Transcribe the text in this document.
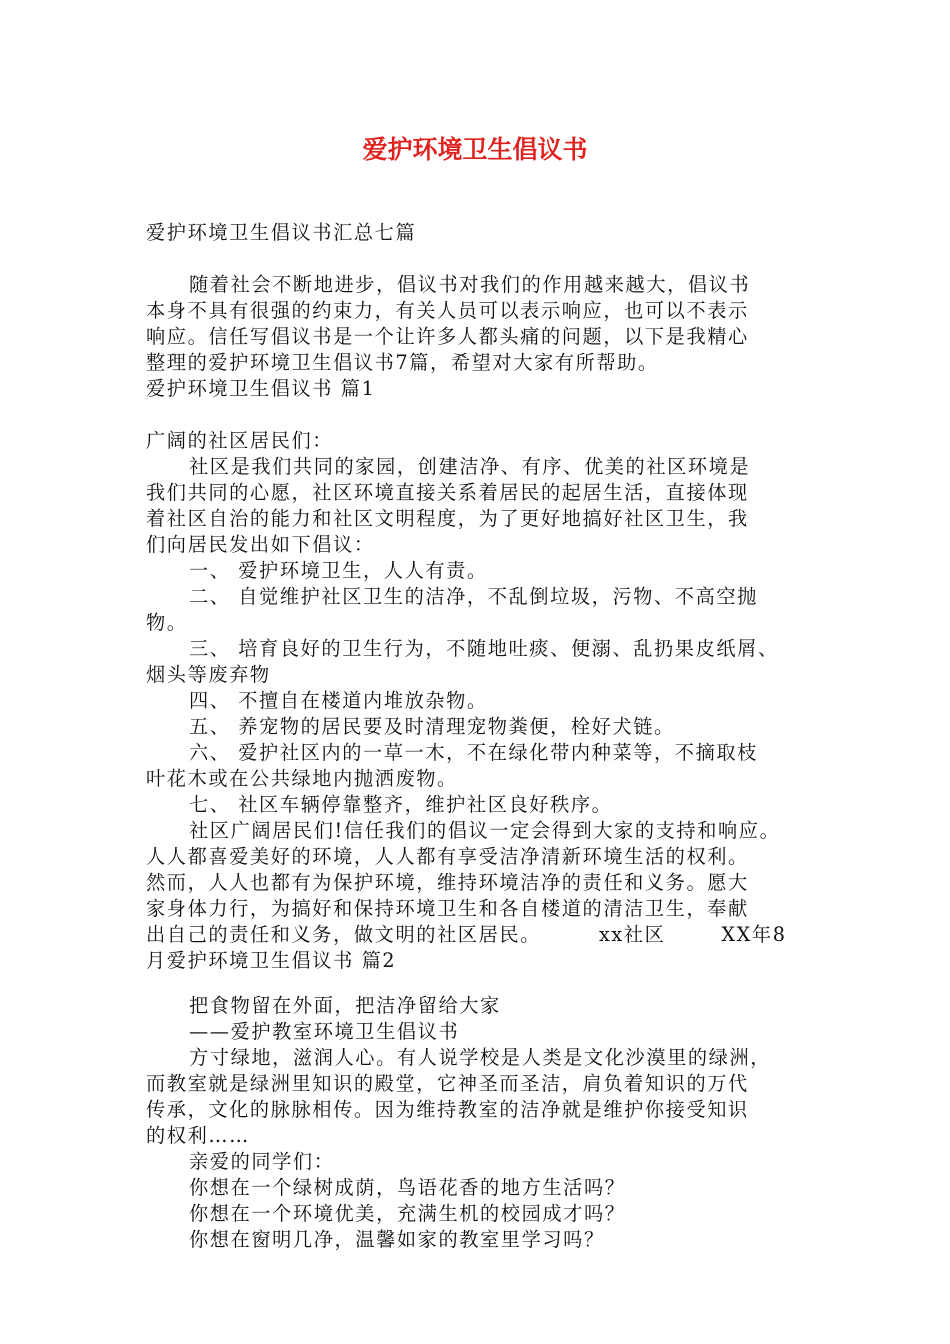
爱护环境卫生倡议书
爱护环境卫生倡议书汇总七篇
随着社会不断地进步，倡议书对我们的作用越来越大，倡议书
本身不具有很强的约束力，有关人员可以表示响应，也可以不表示
响应。信任写倡议书是一个让许多人都头痛的问题，以下是我精心
整理的爱护环境卫生倡议书7篇，希望对大家有所帮助。
爱护环境卫生倡议书 篇1
广阔的社区居民们：
社区是我们共同的家园，创建洁净、有序、优美的社区环境是
我们共同的心愿，社区环境直接关系着居民的起居生活，直接体现
着社区自治的能力和社区文明程度，为了更好地搞好社区卫生，我
们向居民发出如下倡议：
一、 爱护环境卫生，人人有责。
二、 自觉维护社区卫生的洁净，不乱倒垃圾，污物、不高空抛
物。
三、 培育良好的卫生行为，不随地吐痰、便溺、乱扔果皮纸屑、
烟头等废弃物
四、 不擅自在楼道内堆放杂物。
五、 养宠物的居民要及时清理宠物粪便，栓好犬链。
六、 爱护社区内的一草一木，不在绿化带内种菜等，不摘取枝
叶花木或在公共绿地内抛洒废物。
七、 社区车辆停靠整齐，维护社区良好秩序。
社区广阔居民们!信任我们的倡议一定会得到大家的支持和响应。
人人都喜爱美好的环境，人人都有享受洁净清新环境生活的权利。
然而，人人也都有为保护环境，维持环境洁净的责任和义务。愿大
家身体力行，为搞好和保持环境卫生和各自楼道的清洁卫生，奉献
出自己的责任和义务，做文明的社区居民。	xx社区	XX年8
月爱护环境卫生倡议书 篇2
把食物留在外面，把洁净留给大家
——爱护教室环境卫生倡议书
方寸绿地，滋润人心。有人说学校是人类是文化沙漠里的绿洲，
而教室就是绿洲里知识的殿堂，它神圣而圣洁，肩负着知识的万代
传承，文化的脉脉相传。因为维持教室的洁净就是维护你接受知识
的权利……
亲爱的同学们：
你想在一个绿树成荫，鸟语花香的地方生活吗？
你想在一个环境优美，充满生机的校园成才吗？
你想在窗明几净，温馨如家的教室里学习吗？
